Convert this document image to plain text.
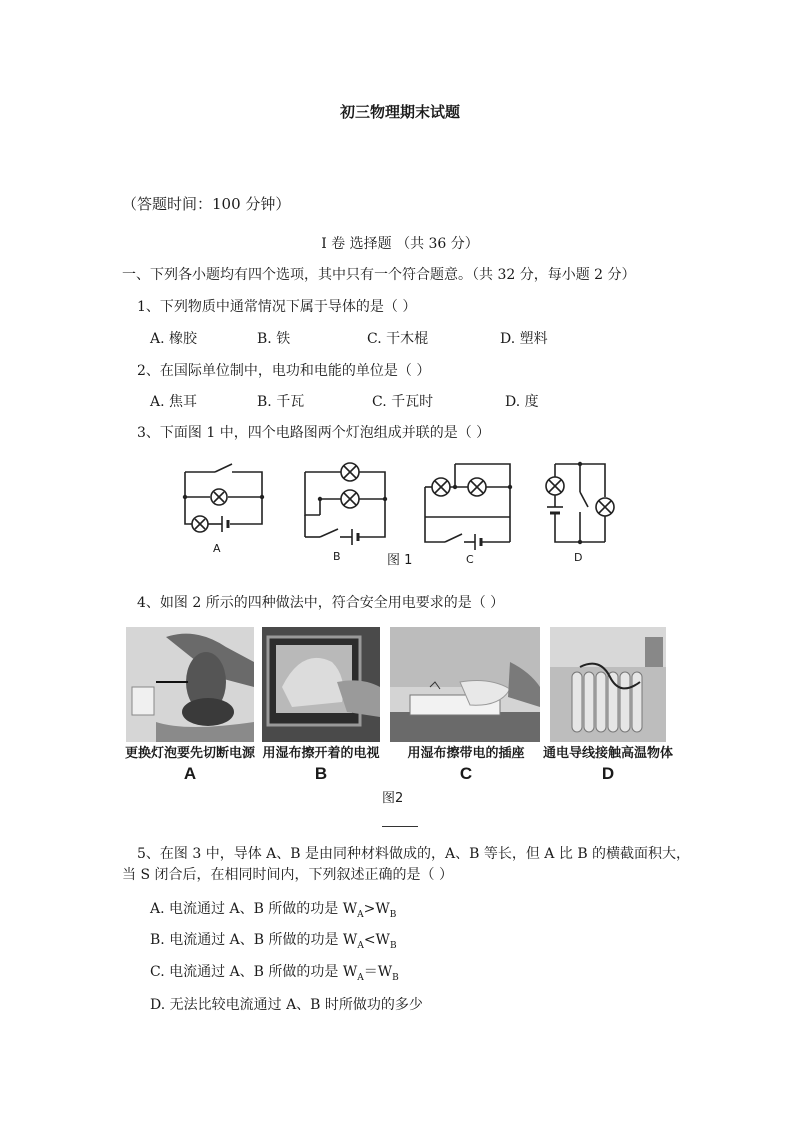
初三物理期末试题
（答题时间：100 分钟）
I 卷 选择题 （共 36 分）
一、下列各小题均有四个选项，其中只有一个符合题意。（共 32 分，每小题 2 分）
1、下列物质中通常情况下属于导体的是（ ）
A. 橡胶	B. 铁	C. 干木棍	D. 塑料
2、在国际单位制中，电功和电能的单位是（ ）
A. 焦耳	B. 千瓦	C. 千瓦时	D. 度
3、下面图 1 中，四个电路图两个灯泡组成并联的是（ ）
A
B	图 1	C	D
4、如图 2 所示的四种做法中，符合安全用电要求的是（ ）
更换灯泡要先切断电源 用湿布擦开着的电视	用湿布擦带电的插座	通电导线接触高温物体
A	B	C	D
图2
5、在图 3 中，导体 A、B 是由同种材料做成的，A、B 等长，但 A 比 B 的横截面积大，
当 S 闭合后，在相同时间内，下列叙述正确的是（ ）
A. 电流通过 A、B 所做的功是 $W_A>W_B$
B. 电流通过 A、B 所做的功是 $W_A<W_B$
C. 电流通过 A、B 所做的功是 $W_A=W_B$
D. 无法比较电流通过 A、B 时所做功的多少
